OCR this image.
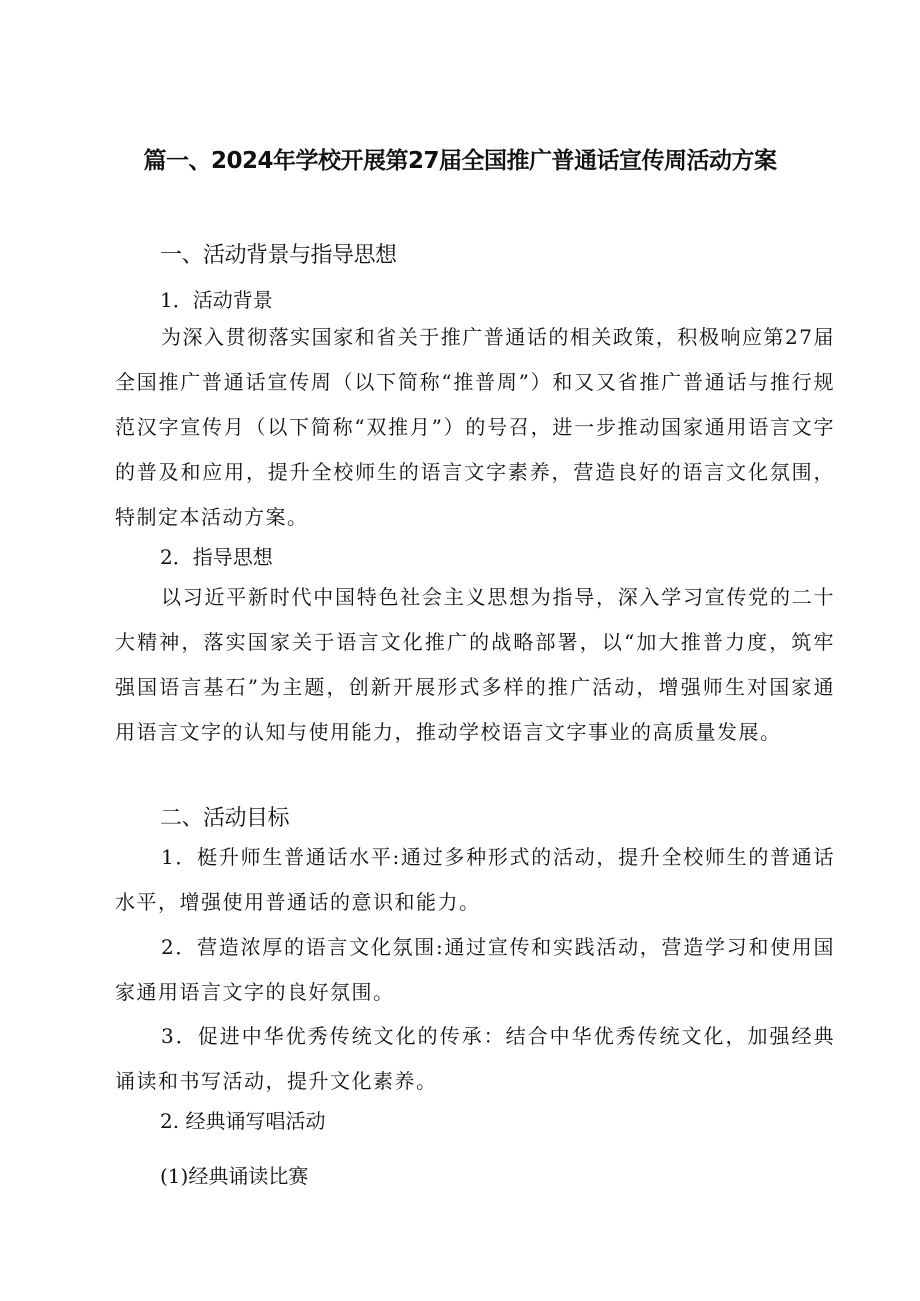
篇一、2024年学校开展第27届全国推广普通话宣传周活动方案
一、活动背景与指导思想
1．活动背景

为深入贯彻落实国家和省关于推广普通话的相关政策，积极响应第27届全国推广普通话宣传周（以下简称“推普周”）和又又省推广普通话与推行规范汉字宣传月（以下简称“双推月”）的号召，进一步推动国家通用语言文字的普及和应用，提升全校师生的语言文字素养，营造良好的语言文化氛围，特制定本活动方案。

2．指导思想

以习近平新时代中国特色社会主义思想为指导，深入学习宣传党的二十大精神，落实国家关于语言文化推广的战略部署，以“加大推普力度，筑牢强国语言基石”为主题，创新开展形式多样的推广活动，增强师生对国家通用语言文字的认知与使用能力，推动学校语言文字事业的高质量发展。

二、活动目标

1．梃升师生普通话水平:通过多种形式的活动，提升全校师生的普通话水平，增强使用普通话的意识和能力。

2．营造浓厚的语言文化氛围:通过宣传和实践活动，营造学习和使用国家通用语言文字的良好氛围。

3．促进中华优秀传统文化的传承：结合中华优秀传统文化，加强经典诵读和书写活动，提升文化素养。

2. 经典诵写唱活动
(1)经典诵读比赛
